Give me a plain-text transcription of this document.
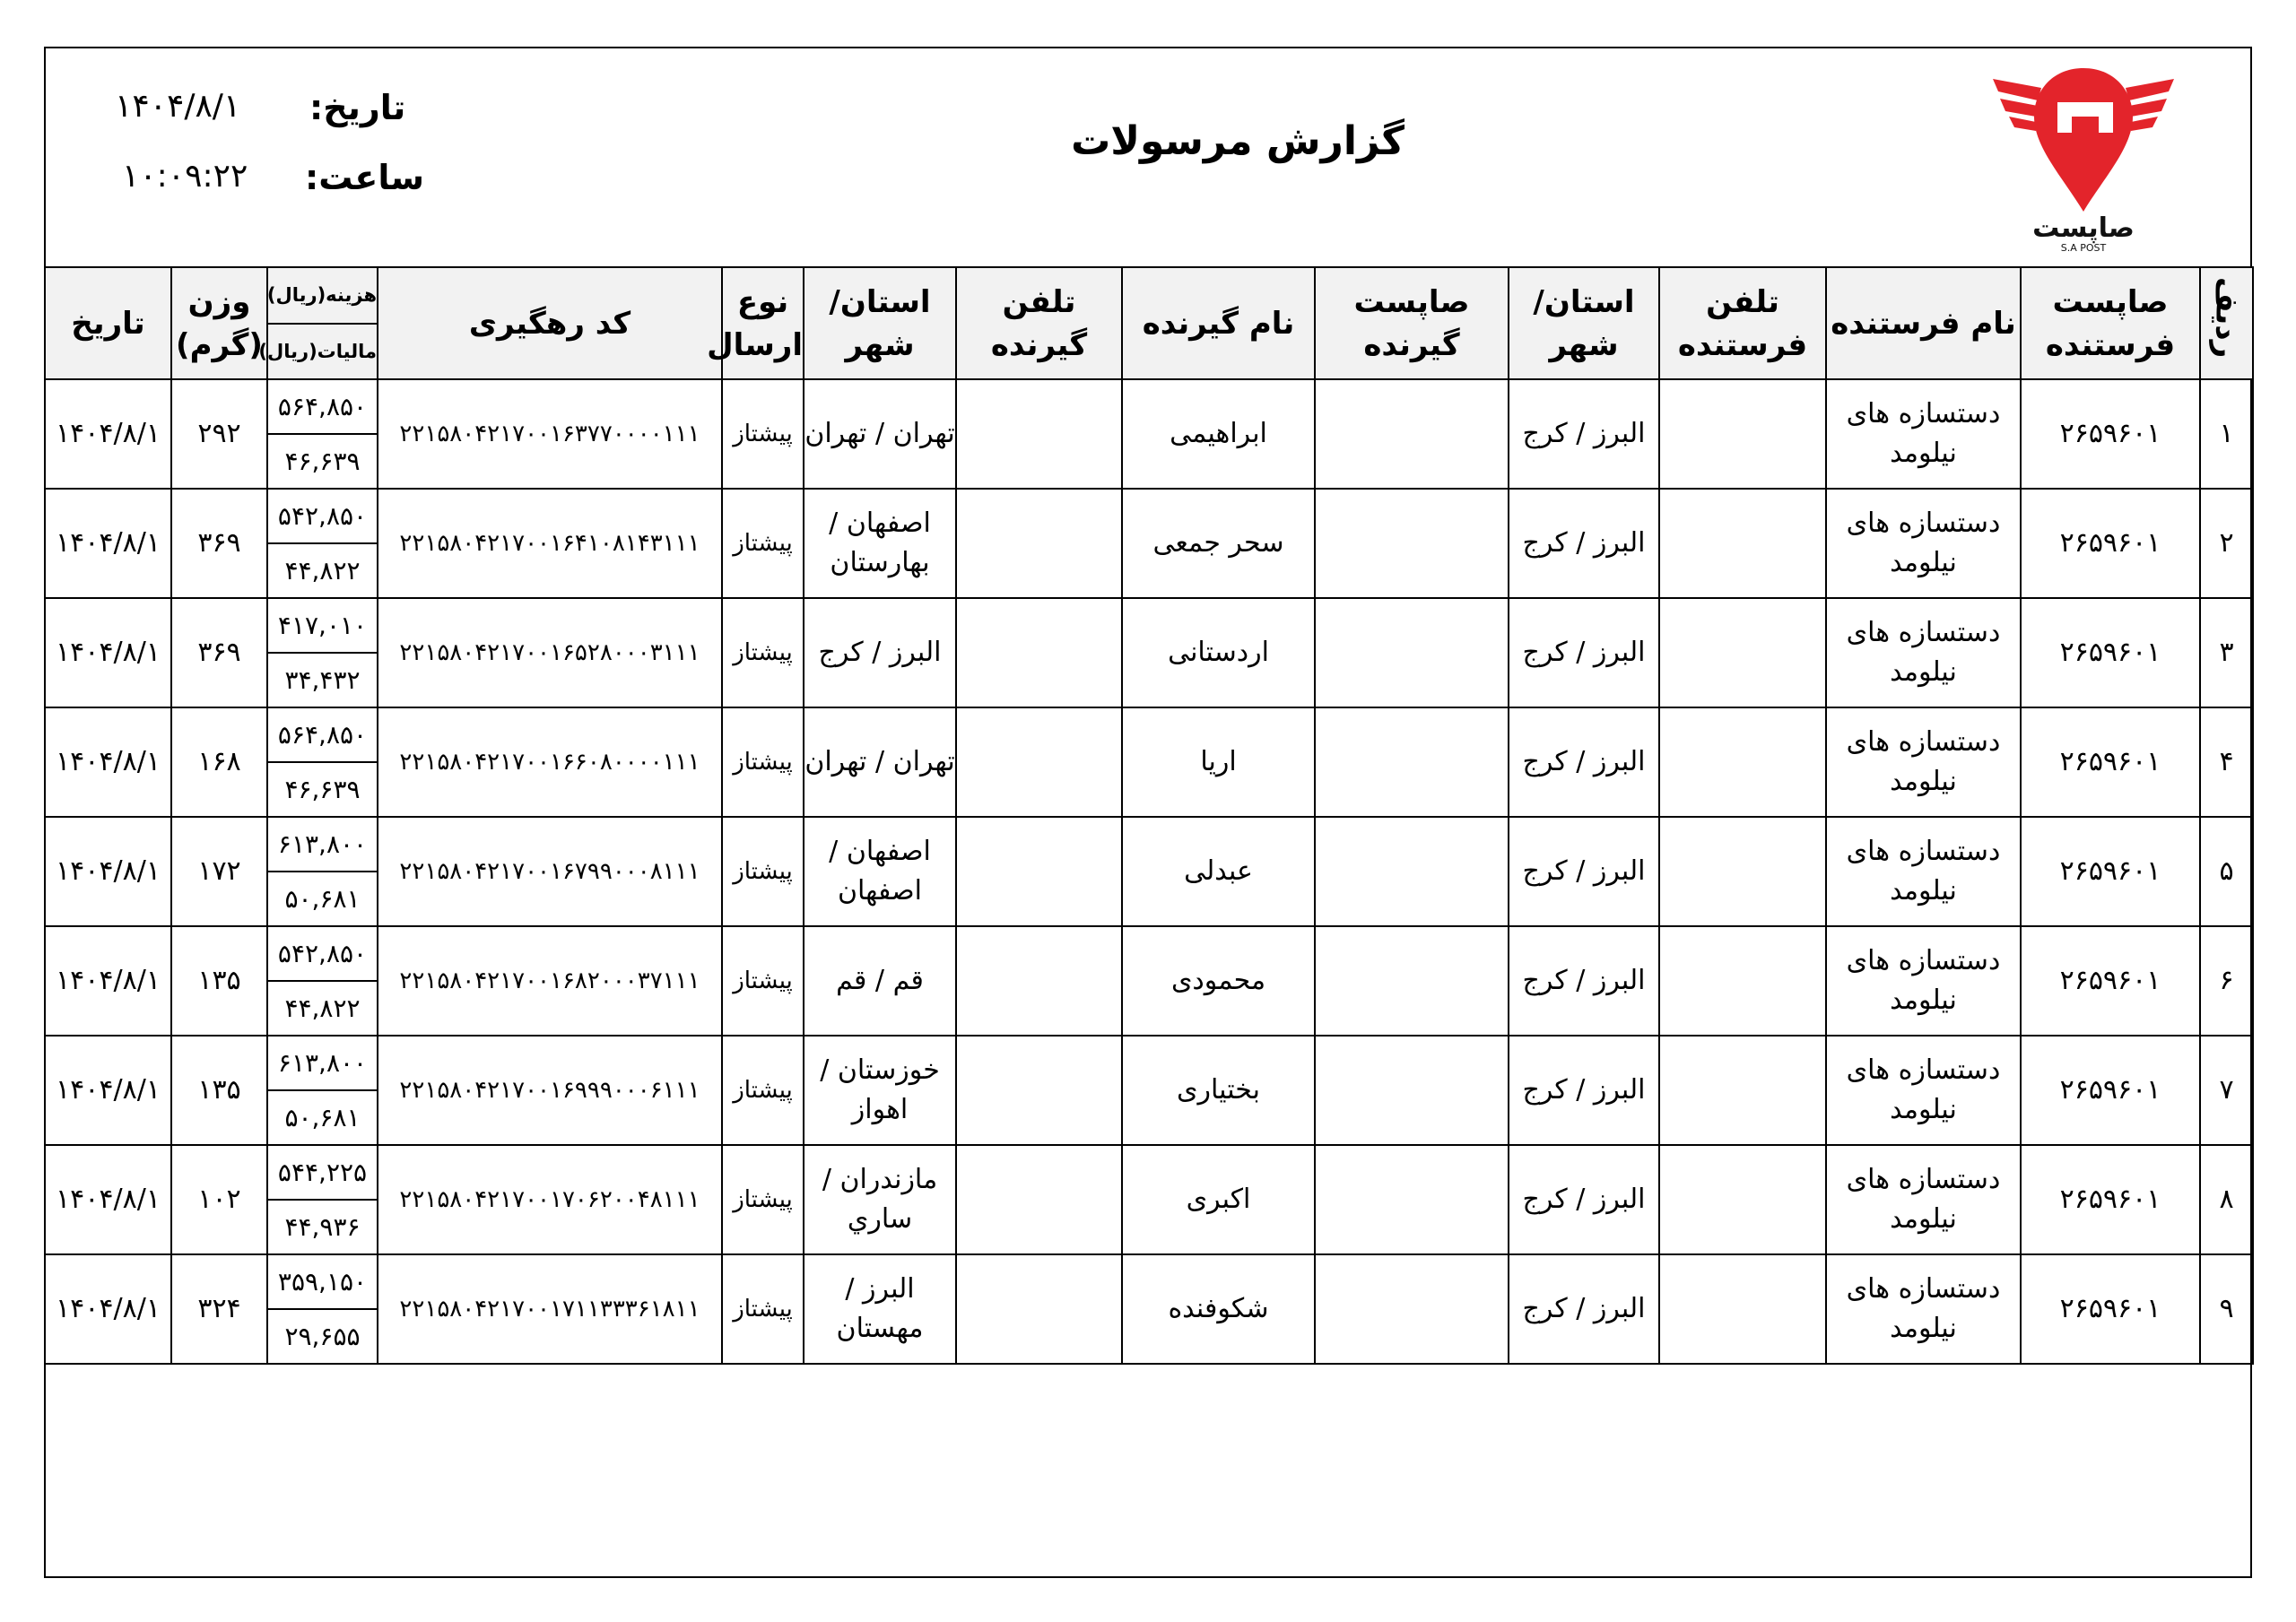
صاپست
S.A POST
گزارش مرسولات
تاریخ:
۱۴۰۴/۸/۱
ساعت:
۱۰:۰۹:۲۲
ردیف	صاپست فرستنده	نام فرستنده	تلفن فرستنده	استان/ شهر	صاپست گیرنده	نام گیرنده	تلفن گیرنده	استان/ شهر	نوع ارسال	کد رهگیری	هزینه(ریال)	وزن (گرم)	تاریخ
											مالیات(ریال)		
۱	۲۶۵۹۶۰۱	دستسازه های نیلومد		البرز / کرج		ابراهیمی		تهران / تهران	پیشتاز	۲۲۱۵۸۰۴۲۱۷۰۰۱۶۳۷۷۰۰۰۰۱۱۱	۵۶۴,۸۵۰	۲۹۲	۱۴۰۴/۸/۱
											۴۶,۶۳۹		
۲	۲۶۵۹۶۰۱	دستسازه های نیلومد		البرز / کرج		سحر جمعی		اصفهان / بهارستان	پیشتاز	۲۲۱۵۸۰۴۲۱۷۰۰۱۶۴۱۰۸۱۴۳۱۱۱	۵۴۲,۸۵۰	۳۶۹	۱۴۰۴/۸/۱
											۴۴,۸۲۲		
۳	۲۶۵۹۶۰۱	دستسازه های نیلومد		البرز / کرج		اردستانی		البرز / کرج	پیشتاز	۲۲۱۵۸۰۴۲۱۷۰۰۱۶۵۲۸۰۰۰۳۱۱۱	۴۱۷,۰۱۰	۳۶۹	۱۴۰۴/۸/۱
											۳۴,۴۳۲		
۴	۲۶۵۹۶۰۱	دستسازه های نیلومد		البرز / کرج		اریا		تهران / تهران	پیشتاز	۲۲۱۵۸۰۴۲۱۷۰۰۱۶۶۰۸۰۰۰۰۱۱۱	۵۶۴,۸۵۰	۱۶۸	۱۴۰۴/۸/۱
											۴۶,۶۳۹		
۵	۲۶۵۹۶۰۱	دستسازه های نیلومد		البرز / کرج		عبدلی		اصفهان / اصفهان	پیشتاز	۲۲۱۵۸۰۴۲۱۷۰۰۱۶۷۹۹۰۰۰۸۱۱۱	۶۱۳,۸۰۰	۱۷۲	۱۴۰۴/۸/۱
											۵۰,۶۸۱		
۶	۲۶۵۹۶۰۱	دستسازه های نیلومد		البرز / کرج		محمودی		قم / قم	پیشتاز	۲۲۱۵۸۰۴۲۱۷۰۰۱۶۸۲۰۰۰۳۷۱۱۱	۵۴۲,۸۵۰	۱۳۵	۱۴۰۴/۸/۱
											۴۴,۸۲۲		
۷	۲۶۵۹۶۰۱	دستسازه های نیلومد		البرز / کرج		بختیاری		خوزستان / اهواز	پیشتاز	۲۲۱۵۸۰۴۲۱۷۰۰۱۶۹۹۹۰۰۰۶۱۱۱	۶۱۳,۸۰۰	۱۳۵	۱۴۰۴/۸/۱
											۵۰,۶۸۱		
۸	۲۶۵۹۶۰۱	دستسازه های نیلومد		البرز / کرج		اکبری		مازندران / ساري	پیشتاز	۲۲۱۵۸۰۴۲۱۷۰۰۱۷۰۶۲۰۰۴۸۱۱۱	۵۴۴,۲۲۵	۱۰۲	۱۴۰۴/۸/۱
											۴۴,۹۳۶		
۹	۲۶۵۹۶۰۱	دستسازه های نیلومد		البرز / کرج		شکوفنده		البرز / مهستان	پیشتاز	۲۲۱۵۸۰۴۲۱۷۰۰۱۷۱۱۳۳۳۶۱۸۱۱	۳۵۹,۱۵۰	۳۲۴	۱۴۰۴/۸/۱
											۲۹,۶۵۵		
